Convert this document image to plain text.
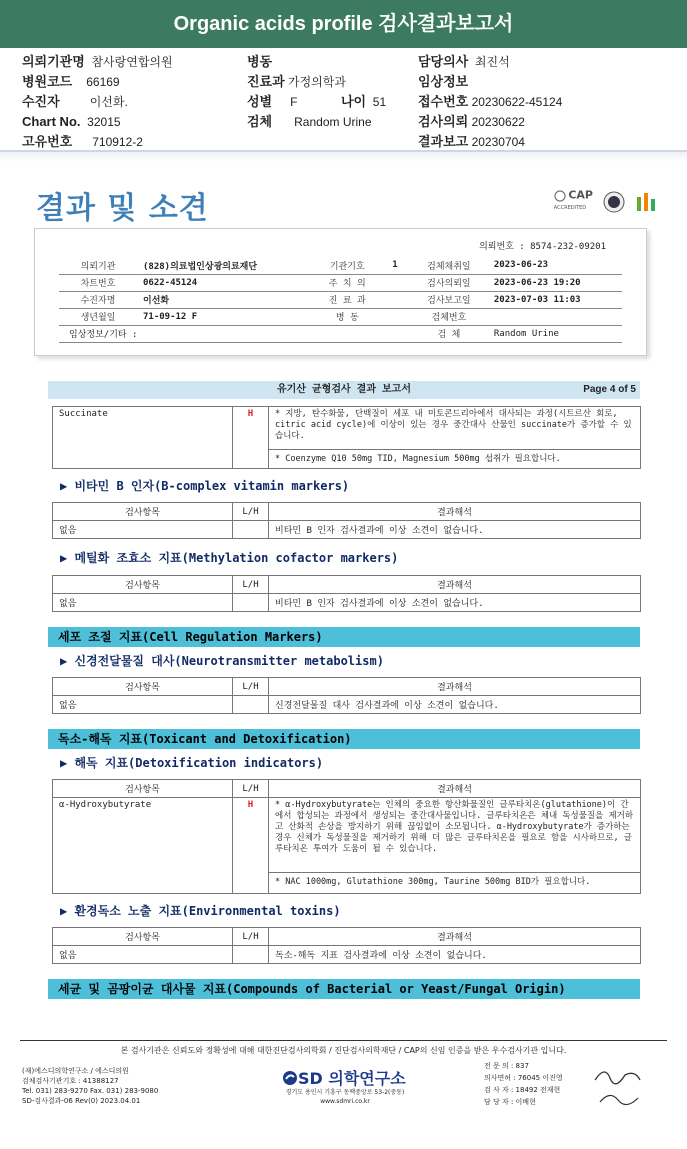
Organic acids profile 검사결과보고서
의뢰기관명 참사랑연합의원	병동	담당의사 최진석
병원코드 66169	진료과 가정의학과	임상정보
수진자	이선화.	성별 F	나이 51 접수번호 20230622-45124
Chart No. 32015	검체 Random Urine	검사의뢰 20230622
고유번호 710912-2	결과보고 20230704
결과 및 소견	CAP
ACCREDITED
의뢰번호 : 8574-232-09201
의뢰기관	(828)의료법인상광의료재단	기관기호	1	검체채취일	2023-06-23
차트번호	0622-45124	주 치 의		검사의뢰일	2023-06-23 19:20
수진자명	이선화	진 료 과		검사보고일	2023-07-03 11:03
생년월일	71-09-12 F	병 동		검체번호	
임상정보/기타 :				검 체	Random Urine
유기산 균형검사 결과 보고서	Page 4 of 5
Succinate	H	* 지방, 탄수화물, 단백질이 세포 내 미토콘드리아에서 대사되는 과정(시트르산 회로, citric acid cycle)에 이상이 있는 경우 중간대사 산물인 succinate가 증가할 수 있습니다.
* Coenzyme Q10 50mg TID, Magnesium 500mg 섭취가 필요합니다.
▶ 비타민 B 인자(B-complex vitamin markers)
검사항목	L/H	결과해석
없음		비타민 B 인자 검사결과에 이상 소견이 없습니다.
▶ 메틸화 조효소 지표(Methylation cofactor markers)
검사항목	L/H	결과해석
없음		비타민 B 인자 검사결과에 이상 소견이 없습니다.
세포 조절 지표(Cell Regulation Markers)
▶ 신경전달물질 대사(Neurotransmitter metabolism)
검사항목	L/H	결과해석
없음		신경전달물질 대사 검사결과에 이상 소견이 없습니다.
독소-해독 지표(Toxicant and Detoxification)
▶ 해독 지표(Detoxification indicators)
검사항목	L/H	결과해석
α-Hydroxybutyrate	H	* α-Hydroxybutyrate는 인체의 중요한 항산화물질인 글루타치온(glutathione)이 간에서 합성되는 과정에서 생성되는 중간대사물입니다. 글루타치온은 체내 독성물질을 제거하고 산화적 손상을 방지하기 위해 끊임없이 소모됩니다. α-Hydroxybutyrate가 증가하는 경우 신체가 독성물질을 제거하기 위해 더 많은 글루타치온을 필요로 함을 시사하므로, 글루타치온 투여가 도움이 될 수 있습니다.
		* NAC 1000mg, Glutathione 300mg, Taurine 500mg BID가 필요합니다.
▶ 환경독소 노출 지표(Environmental toxins)
검사항목	L/H	결과해석
없음		독소-해독 지표 검사결과에 이상 소견이 없습니다.
세균 및 곰팡이균 대사물 지표(Compounds of Bacterial or Yeast/Fungal Origin)
본 검사기관은 신뢰도와 정확성에 대해 대한진단검사의학회 / 진단검사의학재단 / CAP의 신임 인증을 받은 우수검사기관 입니다.
(재)에스디의학연구소 / 에스디의원
검체검사기관기호 : 41388127
Tel. 031) 283-9270 Fax. 031) 283-9080
SD-검사결과-06 Rev(0) 2023.04.01
SD 의학연구소
경기도 용인시 기흥구 동백중앙로 53-2(중동)
www.sdmri.co.kr
전 문 의 : 837
의사면허 : 76045 이진영
검 사 자 : 18492 전재현
담 당 자 : 이배현
